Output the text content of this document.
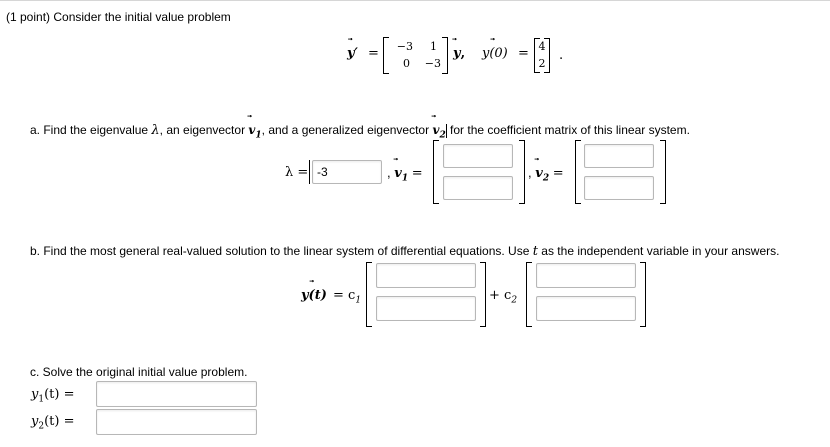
(1 point) Consider the initial value problem
y′ =	−3	1
0	−3
y, y(0) = 4
2
.
a. Find the eigenvalue λ, an eigenvector
$v_1$, and a generalized eigenvector
$v_2$ for the coefficient matrix of this linear system.
λ =
-3	, $v_1$ =	, $v_2$ =
b. Find the most general real-valued solution to the linear system of differential equations. Use t as the independent variable in your answers.
$y(t) = c_1$	+ $c_2$
c. Solve the original initial value problem.
$y_1(t)$ =
$y_2(t)$ =
